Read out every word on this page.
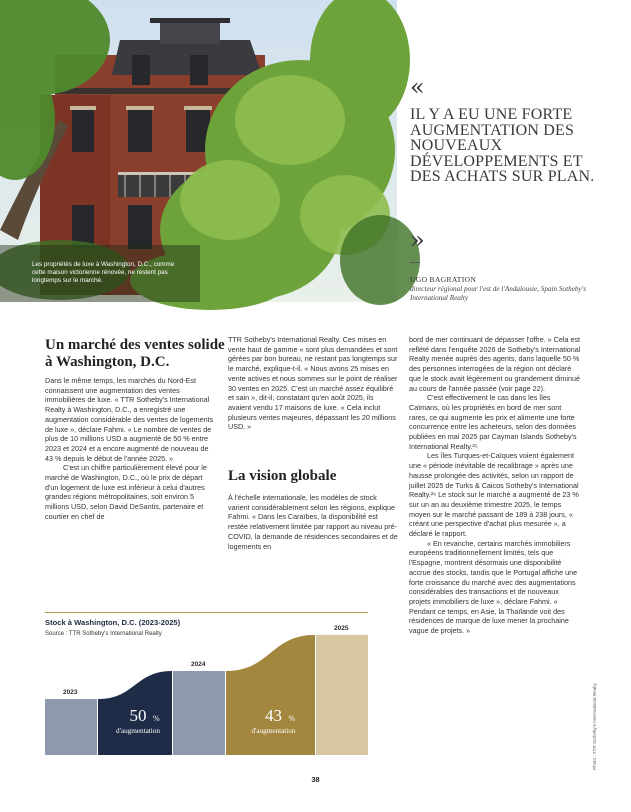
Les propriétés de luxe à Washington, D.C., comme cette maison victorienne rénovée, ne restent pas longtemps sur le marché.
«
IL Y A EU UNE FORTE AUGMENTATION DES NOUVEAUX DÉVELOPPEMENTS ET DES ACHATS SUR PLAN.
»
UGO BAGRATION
directeur régional pour l'est de l'Andalousie, Spain Sotheby's International Realty
Un marché des ventes solide à Washington, D.C.

Dans le même temps, les marchés du Nord-Est connaissent une augmentation des ventes immobilières de luxe. « TTR Sotheby's International Realty à Washington, D.C., a enregistré une augmentation considérable des ventes de logements de luxe », déclare Fahmi. « Le nombre de ventes de plus de 10 millions USD a augmenté de 50 % entre 2023 et 2024 et a encore augmenté de nouveau de 43 % depuis le début de l'année 2025. »

C'est un chiffre particulièrement élevé pour le marché de Washington, D.C., où le prix de départ d'un logement de luxe est inférieur à celui d'autres grandes régions métropolitaines, soit environ 5 millions USD, selon David DeSantis, partenaire et courtier en chef de

TTR Sotheby's International Realty. Ces mises en vente haut de gamme « sont plus demandées et sont gérées par bon bureau, ne restant pas longtemps sur le marché, explique-t-il. « Nous avons 25 mises en vente actives et nous sommes sur le point de réaliser 30 ventes en 2025. C'est un marché assez équilibré et sain », dit-il, constatant qu'en août 2025, ils avaient vendu 17 maisons de luxe. « Cela inclut plusieurs ventes majeures, dépassant les 20 millions USD. »

La vision globale

À l'échelle internationale, les modèles de stock varient considérablement selon les régions, explique Fahmi. « Dans les Caraïbes, la disponibilité est restée relativement limitée par rapport au niveau pré-COVID, la demande de résidences secondaires et de logements en

bord de mer continuant de dépasser l'offre. » Cela est reflété dans l'enquête 2026 de Sotheby's International Realty menée auprès des agents, dans laquelle 50 % des personnes interrogées de la région ont déclaré que le stock avait légèrement ou grandement diminué au cours de l'année passée (voir page 22).

C'est effectivement le cas dans les îles Caïmans, où les propriétés en bord de mer sont rares, ce qui augmente les prix et alimente une forte concurrence entre les acheteurs, selon des données publiées en mai 2025 par Cayman Islands Sotheby's International Realty.²⁵

Les îles Turques-et-Caïques voient également une « période inévitable de recalibrage » après une hausse prolongée des activités, selon un rapport de juillet 2025 de Turks & Caicos Sotheby's International Realty.²⁶ Le stock sur le marché a augmenté de 23 % sur un an au deuxième trimestre 2025, le temps moyen sur le marché passant de 189 à 238 jours, « créant une perspective d'achat plus mesurée », a déclaré le rapport.

« En revanche, certains marchés immobiliers européens traditionnellement limités, tels que l'Espagne, montrent désormais une disponibilité accrue des stocks, tandis que le Portugal affiche une forte croissance du marché avec des augmentations considérables des transactions et de nouveaux projets immobiliers de luxe », déclare Fahmi. « Pendant ce temps, en Asie, la Thaïlande voit des résidences de marque de luxe mener la prochaine vague de projets. »

Stock à Washington, D.C. (2023-2025)
Source : TTR Sotheby's International Realty
2023
2024
2025
50 %
d'augmentation
43 %
d'augmentation	Photo : TTR Sotheby's International Realty
38
